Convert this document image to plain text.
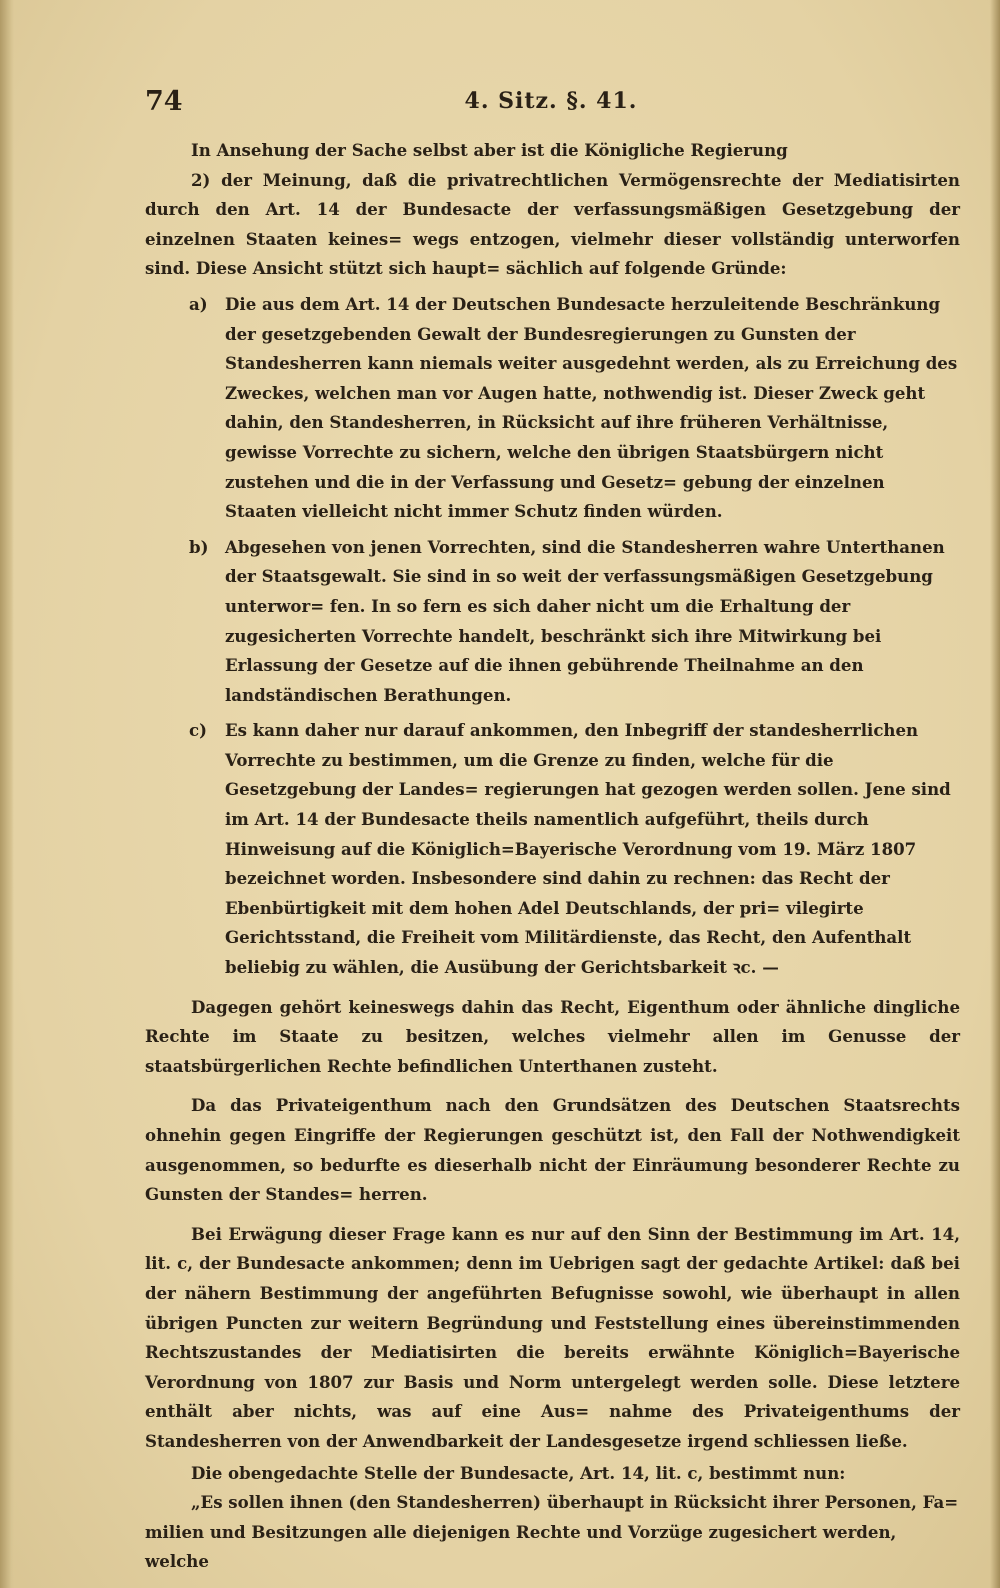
74	4. Sitz. §. 41.

In Ansehung der Sache selbst aber ist die Königliche Regierung

2) der Meinung, daß die privatrechtlichen Vermögensrechte der Mediatisirten durch den Art. 14 der Bundesacte der verfassungsmäßigen Gesetzgebung der einzelnen Staaten keines= wegs entzogen, vielmehr dieser vollständig unterworfen sind. Diese Ansicht stützt sich haupt= sächlich auf folgende Gründe:

a) Die aus dem Art. 14 der Deutschen Bundesacte herzuleitende Beschränkung der gesetzgebenden Gewalt der Bundesregierungen zu Gunsten der Standesherren kann niemals weiter ausgedehnt werden, als zu Erreichung des Zweckes, welchen man vor Augen hatte, nothwendig ist. Dieser Zweck geht dahin, den Standesherren, in Rücksicht auf ihre früheren Verhältnisse, gewisse Vorrechte zu sichern, welche den übrigen Staatsbürgern nicht zustehen und die in der Verfassung und Gesetz= gebung der einzelnen Staaten vielleicht nicht immer Schutz finden würden.

b) Abgesehen von jenen Vorrechten, sind die Standesherren wahre Unterthanen der Staatsgewalt. Sie sind in so weit der verfassungsmäßigen Gesetzgebung unterwor= fen. In so fern es sich daher nicht um die Erhaltung der zugesicherten Vorrechte handelt, beschränkt sich ihre Mitwirkung bei Erlassung der Gesetze auf die ihnen gebührende Theilnahme an den landständischen Berathungen.

c) Es kann daher nur darauf ankommen, den Inbegriff der standesherrlichen Vorrechte zu bestimmen, um die Grenze zu finden, welche für die Gesetzgebung der Landes= regierungen hat gezogen werden sollen. Jene sind im Art. 14 der Bundesacte theils namentlich aufgeführt, theils durch Hinweisung auf die Königlich=Bayerische Verordnung vom 19. März 1807 bezeichnet worden. Insbesondere sind dahin zu rechnen: das Recht der Ebenbürtigkeit mit dem hohen Adel Deutschlands, der pri= vilegirte Gerichtsstand, die Freiheit vom Militärdienste, das Recht, den Aufenthalt beliebig zu wählen, die Ausübung der Gerichtsbarkeit ꝛc. —

Dagegen gehört keineswegs dahin das Recht, Eigenthum oder ähnliche dingliche Rechte im Staate zu besitzen, welches vielmehr allen im Genusse der staatsbürgerlichen Rechte befindlichen Unterthanen zusteht.

Da das Privateigenthum nach den Grundsätzen des Deutschen Staatsrechts ohnehin gegen Eingriffe der Regierungen geschützt ist, den Fall der Nothwendigkeit ausgenommen, so bedurfte es dieserhalb nicht der Einräumung besonderer Rechte zu Gunsten der Standes= herren.

Bei Erwägung dieser Frage kann es nur auf den Sinn der Bestimmung im Art. 14, lit. c, der Bundesacte ankommen; denn im Uebrigen sagt der gedachte Artikel: daß bei der nähern Bestimmung der angeführten Befugnisse sowohl, wie überhaupt in allen übrigen Puncten zur weitern Begründung und Feststellung eines übereinstimmenden Rechtszustandes der Mediatisirten die bereits erwähnte Königlich=Bayerische Verordnung von 1807 zur Basis und Norm untergelegt werden solle. Diese letztere enthält aber nichts, was auf eine Aus= nahme des Privateigenthums der Standesherren von der Anwendbarkeit der Landesgesetze irgend schliessen ließe.

Die obengedachte Stelle der Bundesacte, Art. 14, lit. c, bestimmt nun:

„Es sollen ihnen (den Standesherren) überhaupt in Rücksicht ihrer Personen, Fa= milien und Besitzungen alle diejenigen Rechte und Vorzüge zugesichert werden, welche
